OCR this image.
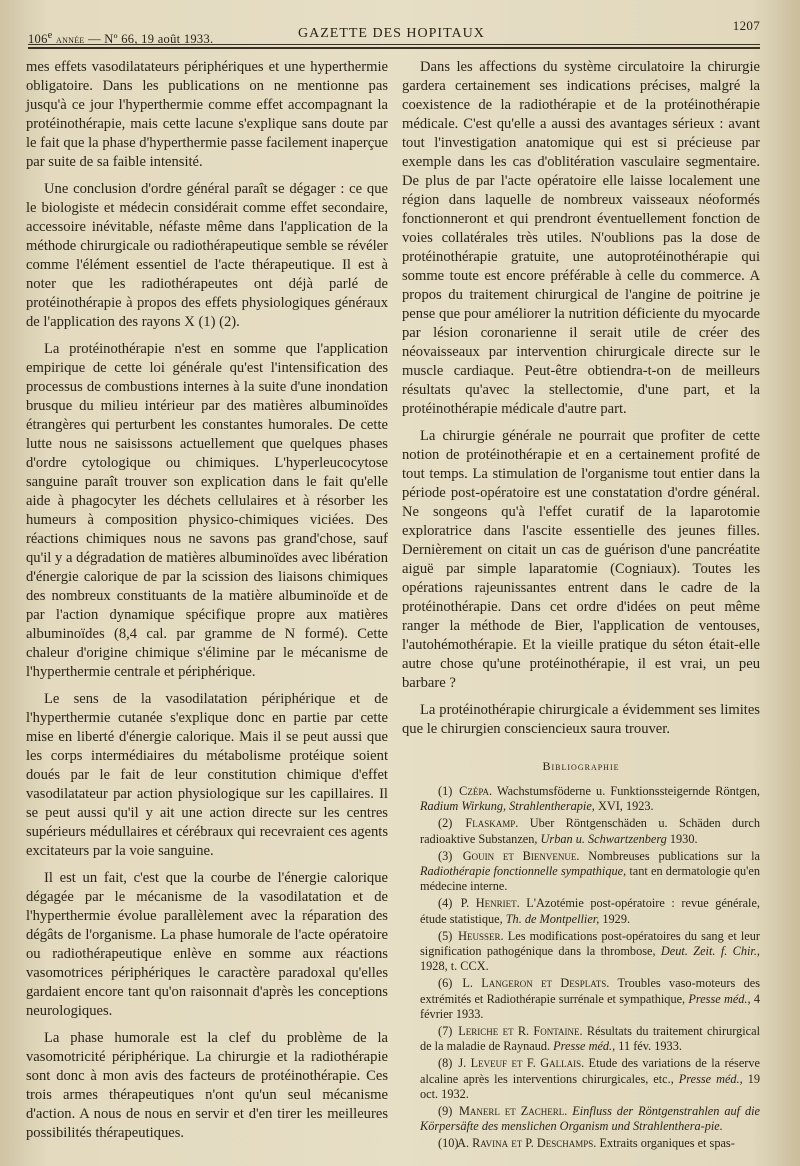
106e année — Nº 66, 19 août 1933.	GAZETTE DES HOPITAUX
1207

mes effets vasodilatateurs périphériques et une hyperthermie obligatoire. Dans les publications on ne mentionne pas jusqu'à ce jour l'hyperthermie comme effet accompagnant la protéinothérapie, mais cette lacune s'explique sans doute par le fait que la phase d'hyperthermie passe facilement inaperçue par suite de sa faible intensité.

Une conclusion d'ordre général paraît se dégager : ce que le biologiste et médecin considérait comme effet secondaire, accessoire inévitable, néfaste même dans l'application de la méthode chirurgicale ou radiothérapeutique semble se révéler comme l'élément essentiel de l'acte thérapeutique. Il est à noter que les radiothérapeutes ont déjà parlé de protéinothérapie à propos des effets physiologiques généraux de l'application des rayons X (1) (2).

La protéinothérapie n'est en somme que l'application empirique de cette loi générale qu'est l'intensification des processus de combustions internes à la suite d'une inondation brusque du milieu intérieur par des matières albuminoïdes étrangères qui perturbent les constantes humorales. De cette lutte nous ne saisissons actuellement que quelques phases d'ordre cytologique ou chimiques. L'hyperleucocytose sanguine paraît trouver son explication dans le fait qu'elle aide à phagocyter les déchets cellulaires et à résorber les humeurs à composition physico-chimiques viciées. Des réactions chimiques nous ne savons pas grand'chose, sauf qu'il y a dégradation de matières albuminoïdes avec libération d'énergie calorique de par la scission des liaisons chimiques des nombreux constituants de la matière albuminoïde et de par l'action dynamique spécifique propre aux matières albuminoïdes (8,4 cal. par gramme de N formé). Cette chaleur d'origine chimique s'élimine par le mécanisme de l'hyperthermie centrale et périphérique.

Le sens de la vasodilatation périphérique et de l'hyperthermie cutanée s'explique donc en partie par cette mise en liberté d'énergie calorique. Mais il se peut aussi que les corps intermédiaires du métabolisme protéique soient doués par le fait de leur constitution chimique d'effet vasodilatateur par action physiologique sur les capillaires. Il se peut aussi qu'il y ait une action directe sur les centres supérieurs médullaires et cérébraux qui recevraient ces agents excitateurs par la voie sanguine.

Il est un fait, c'est que la courbe de l'énergie calorique dégagée par le mécanisme de la vasodilatation et de l'hyperthermie évolue parallèlement avec la réparation des dégâts de l'organisme. La phase humorale de l'acte opératoire ou radiothérapeutique enlève en somme aux réactions vasomotrices périphériques le caractère paradoxal qu'elles gardaient encore tant qu'on raisonnait d'après les conceptions neurologiques.

La phase humorale est la clef du problème de la vasomotricité périphérique. La chirurgie et la radiothérapie sont donc à mon avis des facteurs de protéinothérapie. Ces trois armes thérapeutiques n'ont qu'un seul mécanisme d'action. A nous de nous en servir et d'en tirer les meilleures possibilités thérapeutiques.

Dans les affections du système circulatoire la chirurgie gardera certainement ses indications précises, malgré la coexistence de la radiothérapie et de la protéinothérapie médicale. C'est qu'elle a aussi des avantages sérieux : avant tout l'investigation anatomique qui est si précieuse par exemple dans les cas d'oblitération vasculaire segmentaire. De plus de par l'acte opératoire elle laisse localement une région dans laquelle de nombreux vaisseaux néoformés fonctionneront et qui prendront éventuellement fonction de voies collatérales très utiles. N'oublions pas la dose de protéinothérapie gratuite, une autoprotéinothérapie qui somme toute est encore préférable à celle du commerce. A propos du traitement chirurgical de l'angine de poitrine je pense que pour améliorer la nutrition déficiente du myocarde par lésion coronarienne il serait utile de créer des néovaisseaux par intervention chirurgicale directe sur le muscle cardiaque. Peut-être obtiendra-t-on de meilleurs résultats qu'avec la stellectomie, d'une part, et la protéinothérapie médicale d'autre part.

La chirurgie générale ne pourrait que profiter de cette notion de protéinothérapie et en a certainement profité de tout temps. La stimulation de l'organisme tout entier dans la période post-opératoire est une constatation d'ordre général. Ne songeons qu'à l'effet curatif de la laparotomie exploratrice dans l'ascite essentielle des jeunes filles. Dernièrement on citait un cas de guérison d'une pancréatite aiguë par simple laparatomie (Cogniaux). Toutes les opérations rajeunissantes entrent dans le cadre de la protéinothérapie. Dans cet ordre d'idées on peut même ranger la méthode de Bier, l'application de ventouses, l'autohémothérapie. Et la vieille pratique du séton était-elle autre chose qu'une protéinothérapie, il est vrai, un peu barbare ?

La protéinothérapie chirurgicale a évidemment ses limites que le chirurgien consciencieux saura trouver.

Bibliographie

(1) Czépa. Wachstumsföderne u. Funktionssteigernde Röntgen, Radium Wirkung, Strahlentherapie, XVI, 1923.

(2) Flaskamp. Uber Röntgenschäden u. Schäden durch radioaktive Substanzen, Urban u. Schwartzenberg 1930.

(3) Gouin et Bienvenue. Nombreuses publications sur la Radiothérapie fonctionnelle sympathique, tant en dermatologie qu'en médecine interne.

(4) P. Henriet. L'Azotémie post-opératoire : revue générale, étude statistique, Th. de Montpellier, 1929.

(5) Heusser. Les modifications post-opératoires du sang et leur signification pathogénique dans la thrombose, Deut. Zeit. f. Chir., 1928, t. CCX.

(6) L. Langeron et Desplats. Troubles vaso-moteurs des extrémités et Radiothérapie surrénale et sympathique, Presse méd., 4 février 1933.

(7) Leriche et R. Fontaine. Résultats du traitement chirurgical de la maladie de Raynaud. Presse méd., 11 fév. 1933.

(8) J. Leveuf et F. Gallais. Etude des variations de la réserve alcaline après les interventions chirurgicales, etc., Presse méd., 19 oct. 1932.

(9) Manerl et Zacherl. Einfluss der Röntgenstrahlen auf die Körpersäfte des menslichen Organism und Strahlenthera-pie.

(10) A. Ravina et P. Deschamps. Extraits organiques et spas-
